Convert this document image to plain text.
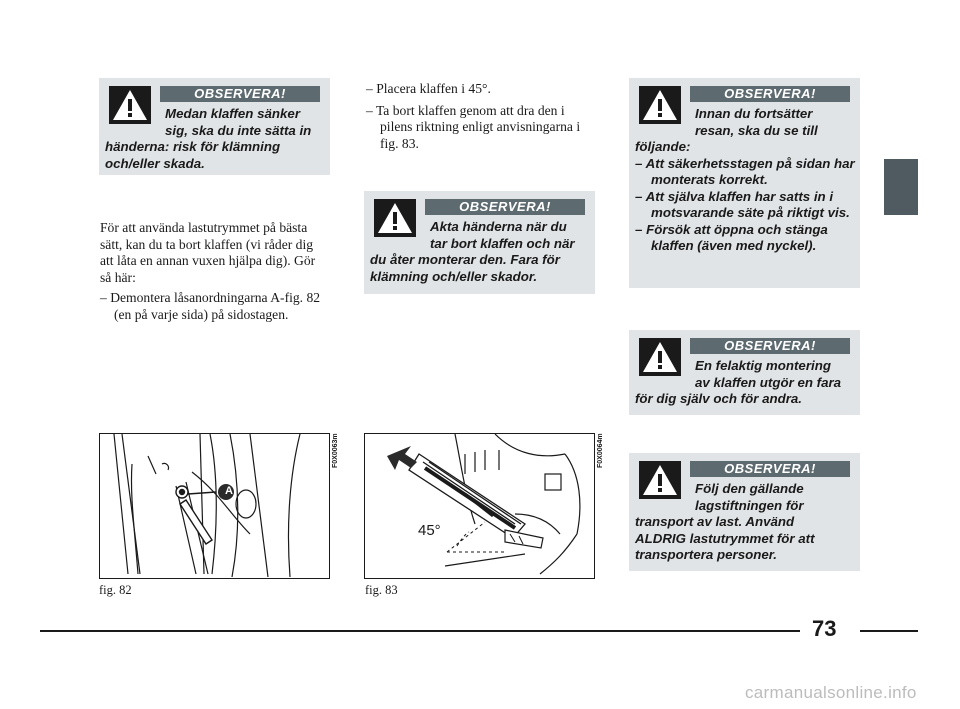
OBSERVERA!
Medan klaffen sänker
sig, ska du inte sätta in
händerna: risk för klämning
och/eller skada.
För att använda lastutrymmet på bästa sätt, kan du ta bort klaffen (vi råder dig att låta en annan vuxen hjälpa dig). Gör så här:
– Demontera låsanordningarna A-fig. 82 (en på varje sida) på sidostagen.
– Placera klaffen i 45°.
– Ta bort klaffen genom att dra den i pilens riktning enligt anvisningarna i fig. 83.
OBSERVERA!
Akta händerna när du
tar bort klaffen och när
du åter monterar den. Fara för
klämning och/eller skador.
OBSERVERA!
Innan du fortsätter
resan, ska du se till
följande:
– Att säkerhetsstagen på sidan har monterats korrekt.
– Att själva klaffen har satts in i motsvarande säte på riktigt vis.
– Försök att öppna och stänga klaffen (även med nyckel).
OBSERVERA!
En felaktig montering
av klaffen utgör en fara
för dig själv och för andra.
OBSERVERA!
Följ den gällande
lagstiftningen för
transport av last. Använd
ALDRIG lastutrymmet för att
transportera personer.
A
F0X0063m
fig. 82
45°
F0X0064m
fig. 83
73
carmanualsonline.info
